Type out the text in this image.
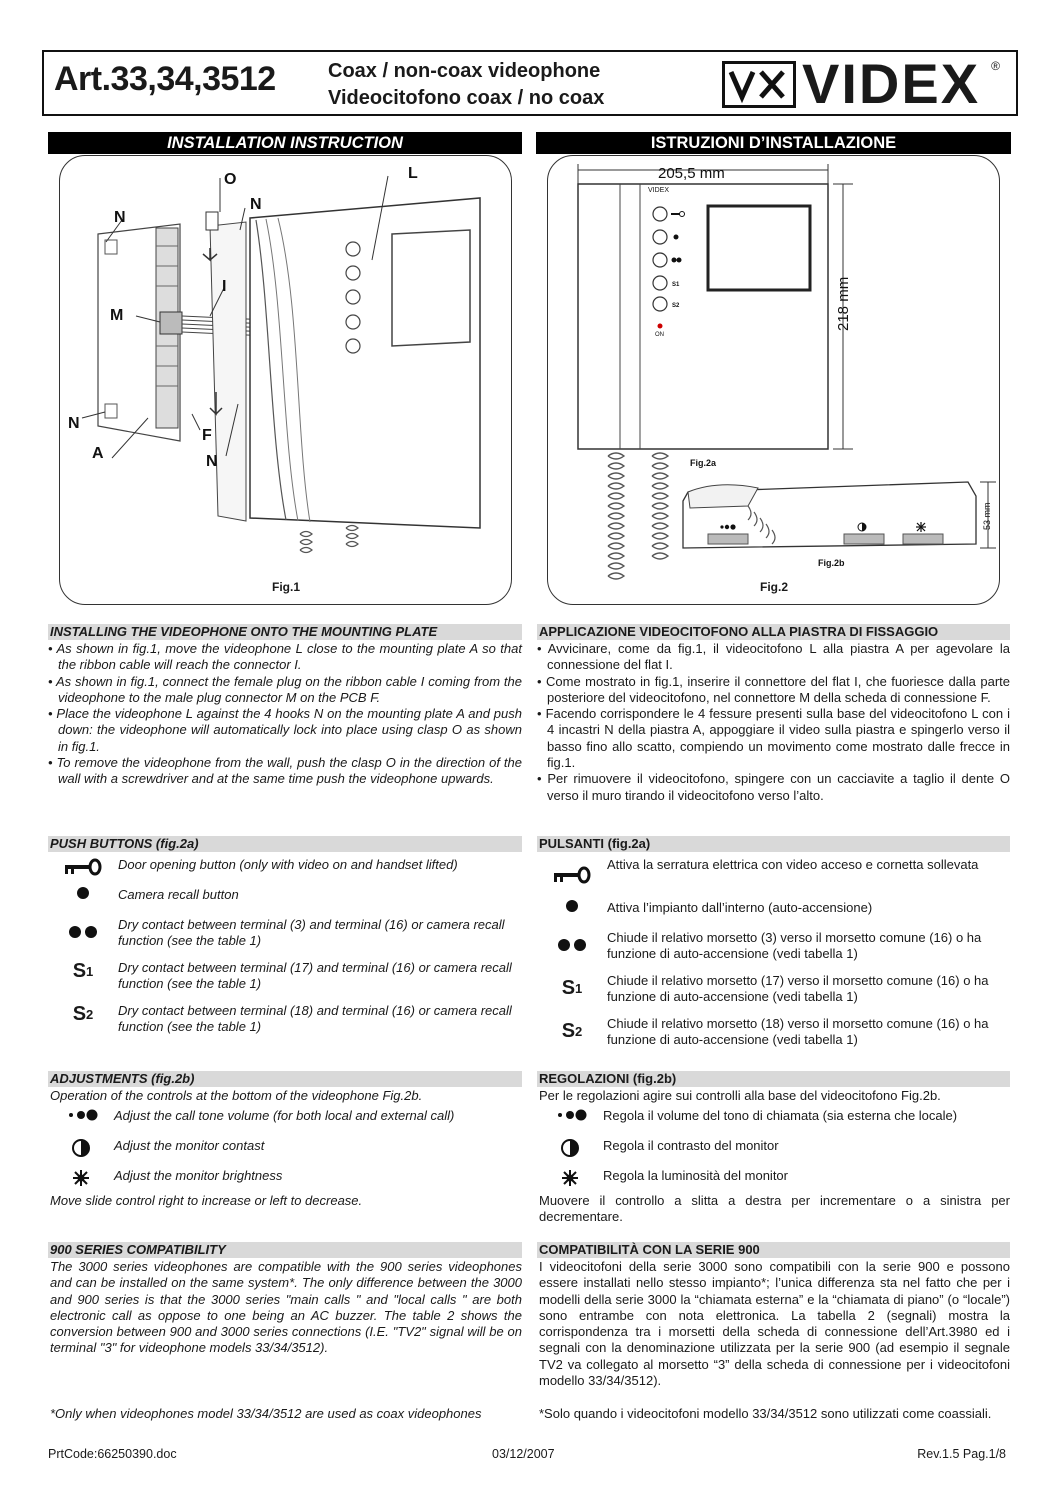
Art.33,34,3512	Coax / non-coax videophone
Videocitofono coax / no coax	VIDEX ®
INSTALLATION INSTRUCTION	ISTRUZIONI D’INSTALLAZIONE
O	L
N
N
I
M
N
F
A	N
Fig.1
205,5 mm
218 mm
53 mm
VIDEX
ON
S1
S2
Fig.2a
Fig.2b
Fig.2
INSTALLING THE VIDEOPHONE ONTO THE MOUNTING PLATE
• As shown in fig.1, move the videophone L close to the mounting plate A so that the ribbon cable will reach the connector I.
• As shown in fig.1, connect the female plug on the ribbon cable I coming from the videophone to the male plug connector M on the PCB F.
• Place the videophone L against the 4 hooks N on the mounting plate A and push down: the videophone will automatically lock into place using clasp O as shown in fig.1.
• To remove the videophone from the wall, push the clasp O in the direction of the wall with a screwdriver and at the same time push the videophone upwards.
APPLICAZIONE VIDEOCITOFONO ALLA PIASTRA DI FISSAGGIO
• Avvicinare, come da fig.1, il videocitofono L alla piastra A per agevolare la connessione del flat I.
• Come mostrato in fig.1, inserire il connettore del flat I, che fuoriesce dalla parte posteriore del videocitofono, nel connettore M della scheda di connessione F.
• Facendo corrispondere le 4 fessure presenti sulla base del videocitofono L con i 4 incastri N della piastra A, appoggiare il video sulla piastra e spingerlo verso il basso fino allo scatto, compiendo un movimento come mostrato dalle frecce in fig.1.
• Per rimuovere il videocitofono, spingere con un cacciavite a taglio il dente O verso il muro tirando il videocitofono verso l’alto.
PUSH BUTTONS (fig.2a)	PULSANTI (fig.2a)
Door opening button (only with video on and handset lifted)
Camera recall button

Dry contact between terminal (3) and terminal (16) or camera recall function (see the table 1)
S 1 Dry contact between terminal (17) and terminal (16) or camera recall function (see the table 1)
S 2 Dry contact between terminal (18) and terminal (16) or camera recall function (see the table 1)
Attiva la serratura elettrica con video acceso e cornetta sollevata
Attiva l’impianto dall’interno (auto-accensione)

Chiude il relativo morsetto (3) verso il morsetto comune (16) o ha funzione di auto-accensione (vedi tabella 1)
S 1
Chiude il relativo morsetto (17) verso il morsetto comune (16) o ha funzione di auto-accensione (vedi tabella 1)
S 2
Chiude il relativo morsetto (18) verso il morsetto comune (16) o ha funzione di auto-accensione (vedi tabella 1)
ADJUSTMENTS (fig.2b)
Operation of the controls at the bottom of the videophone Fig.2b.
REGOLAZIONI (fig.2b)
Per le regolazioni agire sui controlli alla base del videocitofono Fig.2b.
Adjust the call tone volume (for both local and external call)
Adjust the monitor contast
Adjust the monitor brightness
Move slide control right to increase or left to decrease.
Regola il volume del tono di chiamata (sia esterna che locale)
Regola il contrasto del monitor
Regola la luminosità del monitor
Muovere il controllo a slitta a destra per incrementare o a sinistra per decrementare.
900 SERIES COMPATIBILITY
The 3000 series videophones are compatible with the 900 series videophones and can be installed on the same system*. The only difference between the 3000 and 900 series is that the 3000 series "main calls " and "local calls " are both electronic call as oppose to one being an AC buzzer. The table 2 shows the conversion between 900 and 3000 series connections (I.E. "TV2" signal will be on terminal "3" for videophone models 33/34/3512).
COMPATIBILITÀ CON LA SERIE 900
I videocitofoni della serie 3000 sono compatibili con la serie 900 e possono essere installati nello stesso impianto*; l’unica differenza sta nel fatto che per i modelli della serie 3000 la “chiamata esterna” e la “chiamata di piano” (o “locale”) sono entrambe con nota elettronica. La tabella 2 (segnali) mostra la corrispondenza tra i morsetti della scheda di connessione dell’Art.3980 ed i segnali con la denominazione utilizzata per la serie 900 (ad esempio il segnale TV2 va collegato al morsetto “3” della scheda di connessione per i videocitofoni modello 33/34/3512).
*Only when videophones model 33/34/3512 are used as coax videophones	*Solo quando i videocitofoni modello 33/34/3512 sono utilizzati come coassiali.
PrtCode:66250390.doc	03/12/2007	Rev.1.5 Pag.1/8
